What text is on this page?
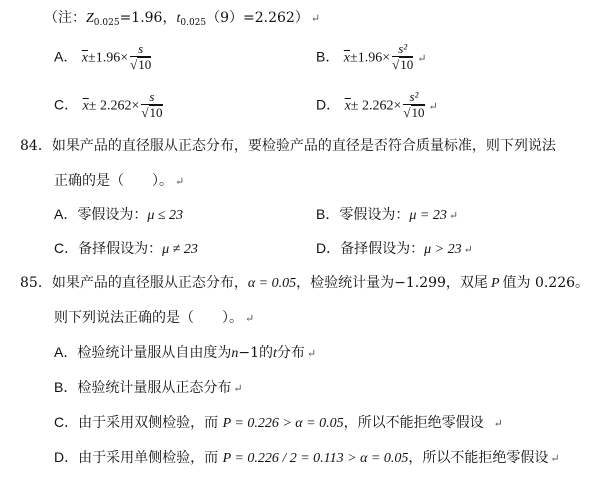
（注：$Z_{0.025}=1.96$，$t_{0.025}(9)=2.262$） ↵
A． $\overline{x}\pm 1.96\times \frac{s}{√10}$	B． $\overline{x}\pm 1.96\times \frac{\text{s²}}{√10}$ ↵
C． $\overline{x}\pm 2.262\times \frac{s}{√10}$	D． $\overline{x}\pm 2.262\times \frac{\text{s²}}{√10}$ ↵
84．如果产品的直径服从正态分布，要检验产品的直径是否符合质量标准，则下列说法
正确的是（　　）。 ↵
A．零假设为：μ ≤ 23	B．零假设为：μ = 23 ↵
C．备择假设为：μ ≠ 23	D．备择假设为：μ > 23 ↵
85．如果产品的直径服从正态分布，α = 0.05，检验统计量为−1.299，双尾 P 值为 0.226。
则下列说法正确的是（　　）。 ↵
A．检验统计量服从自由度为n−1的t分布 ↵
B．检验统计量服从正态分布 ↵
C．由于采用双侧检验，而 P = 0.226 > α = 0.05，所以不能拒绝零假设 ↵
D．由于采用单侧检验，而 P = 0.226 / 2 = 0.113 > α = 0.05，所以不能拒绝零假设 ↵
